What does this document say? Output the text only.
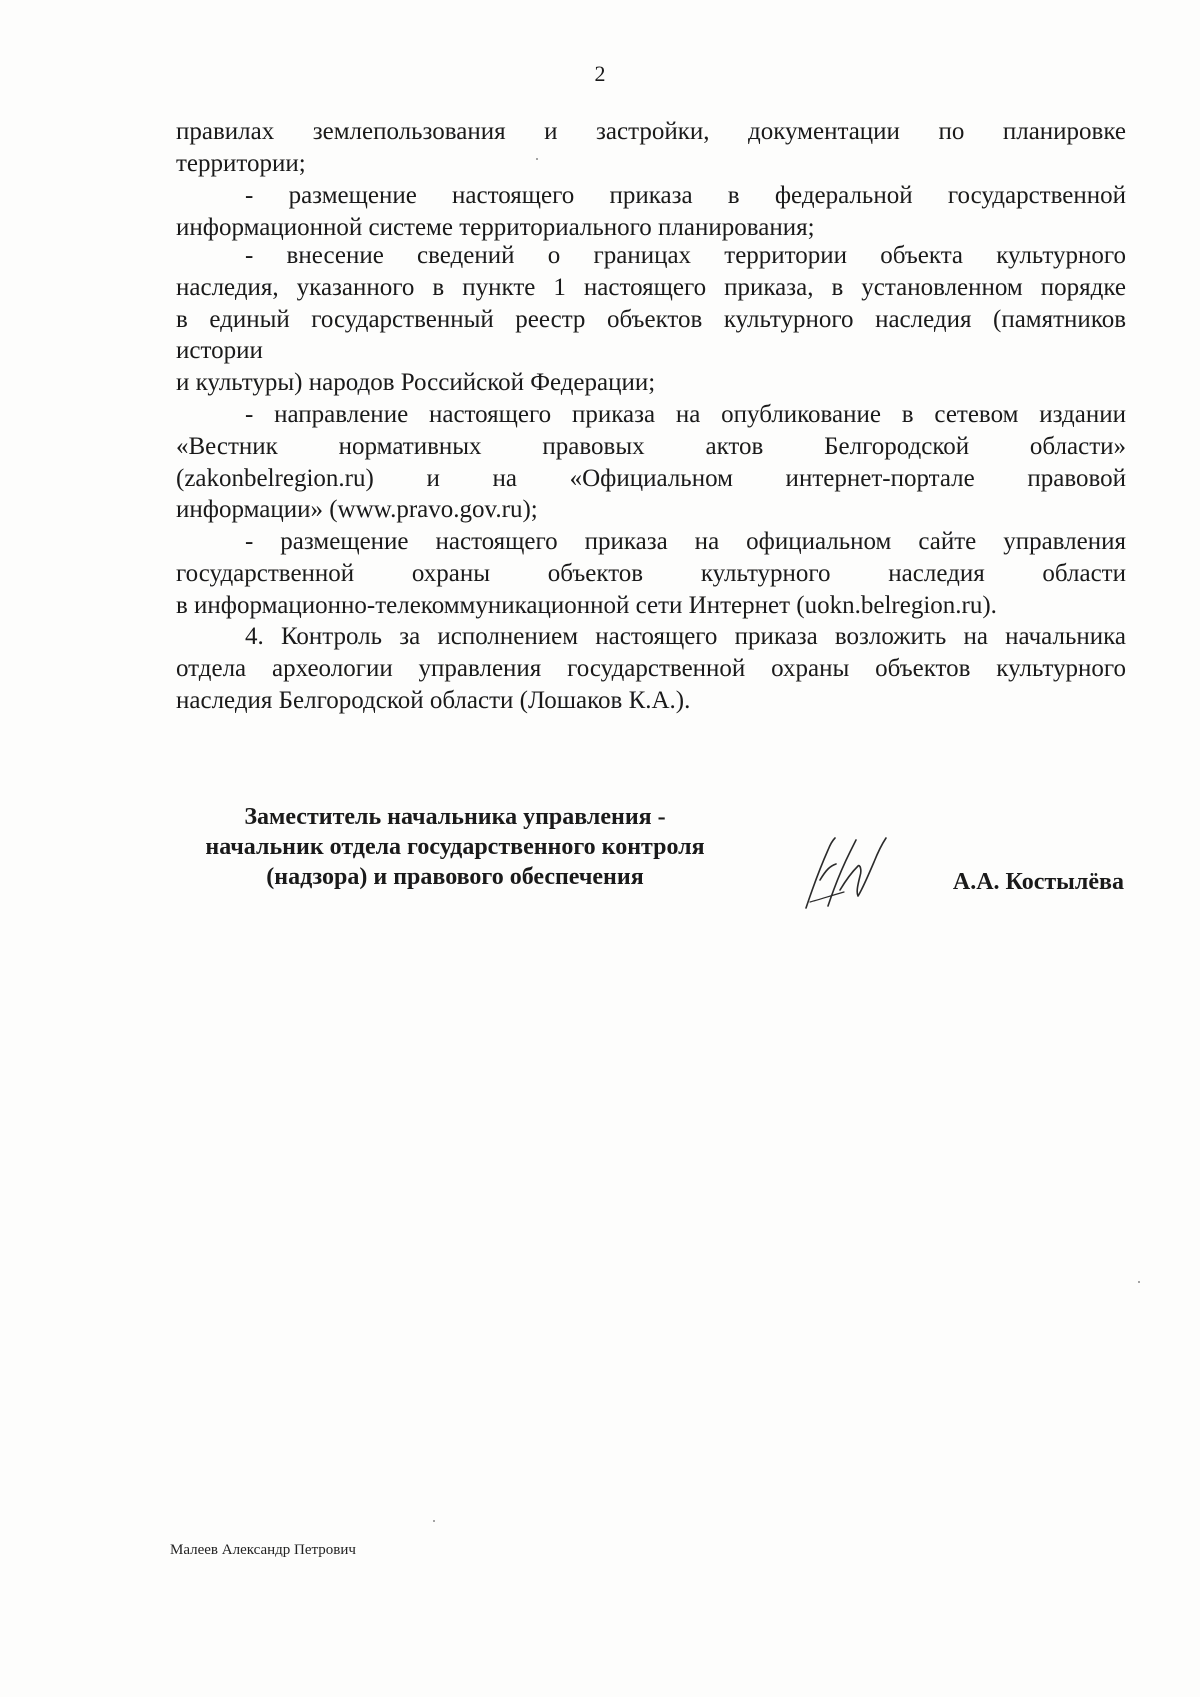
2
правилах землепользования и застройки, документации по планировке
территории;
- размещение настоящего приказа в федеральной государственной
информационной системе территориального планирования;
- внесение сведений о границах территории объекта культурного
наследия, указанного в пункте 1 настоящего приказа, в установленном порядке
в единый государственный реестр объектов культурного наследия (памятников
истории
и культуры) народов Российской Федерации;
- направление настоящего приказа на опубликование в сетевом издании
«Вестник нормативных правовых актов Белгородской области»
(zakonbelregion.ru) и на «Официальном интернет-портале правовой
информации» (www.pravo.gov.ru);
- размещение настоящего приказа на официальном сайте управления
государственной охраны объектов культурного наследия области
в информационно-телекоммуникационной сети Интернет (uokn.belregion.ru).
4. Контроль за исполнением настоящего приказа возложить на начальника
отдела археологии управления государственной охраны объектов культурного
наследия Белгородской области (Лошаков К.А.).
Заместитель начальника управления -
начальник отдела государственного контроля
(надзора) и правового обеспечения	А.А. Костылёва
Малеев Александр Петрович
